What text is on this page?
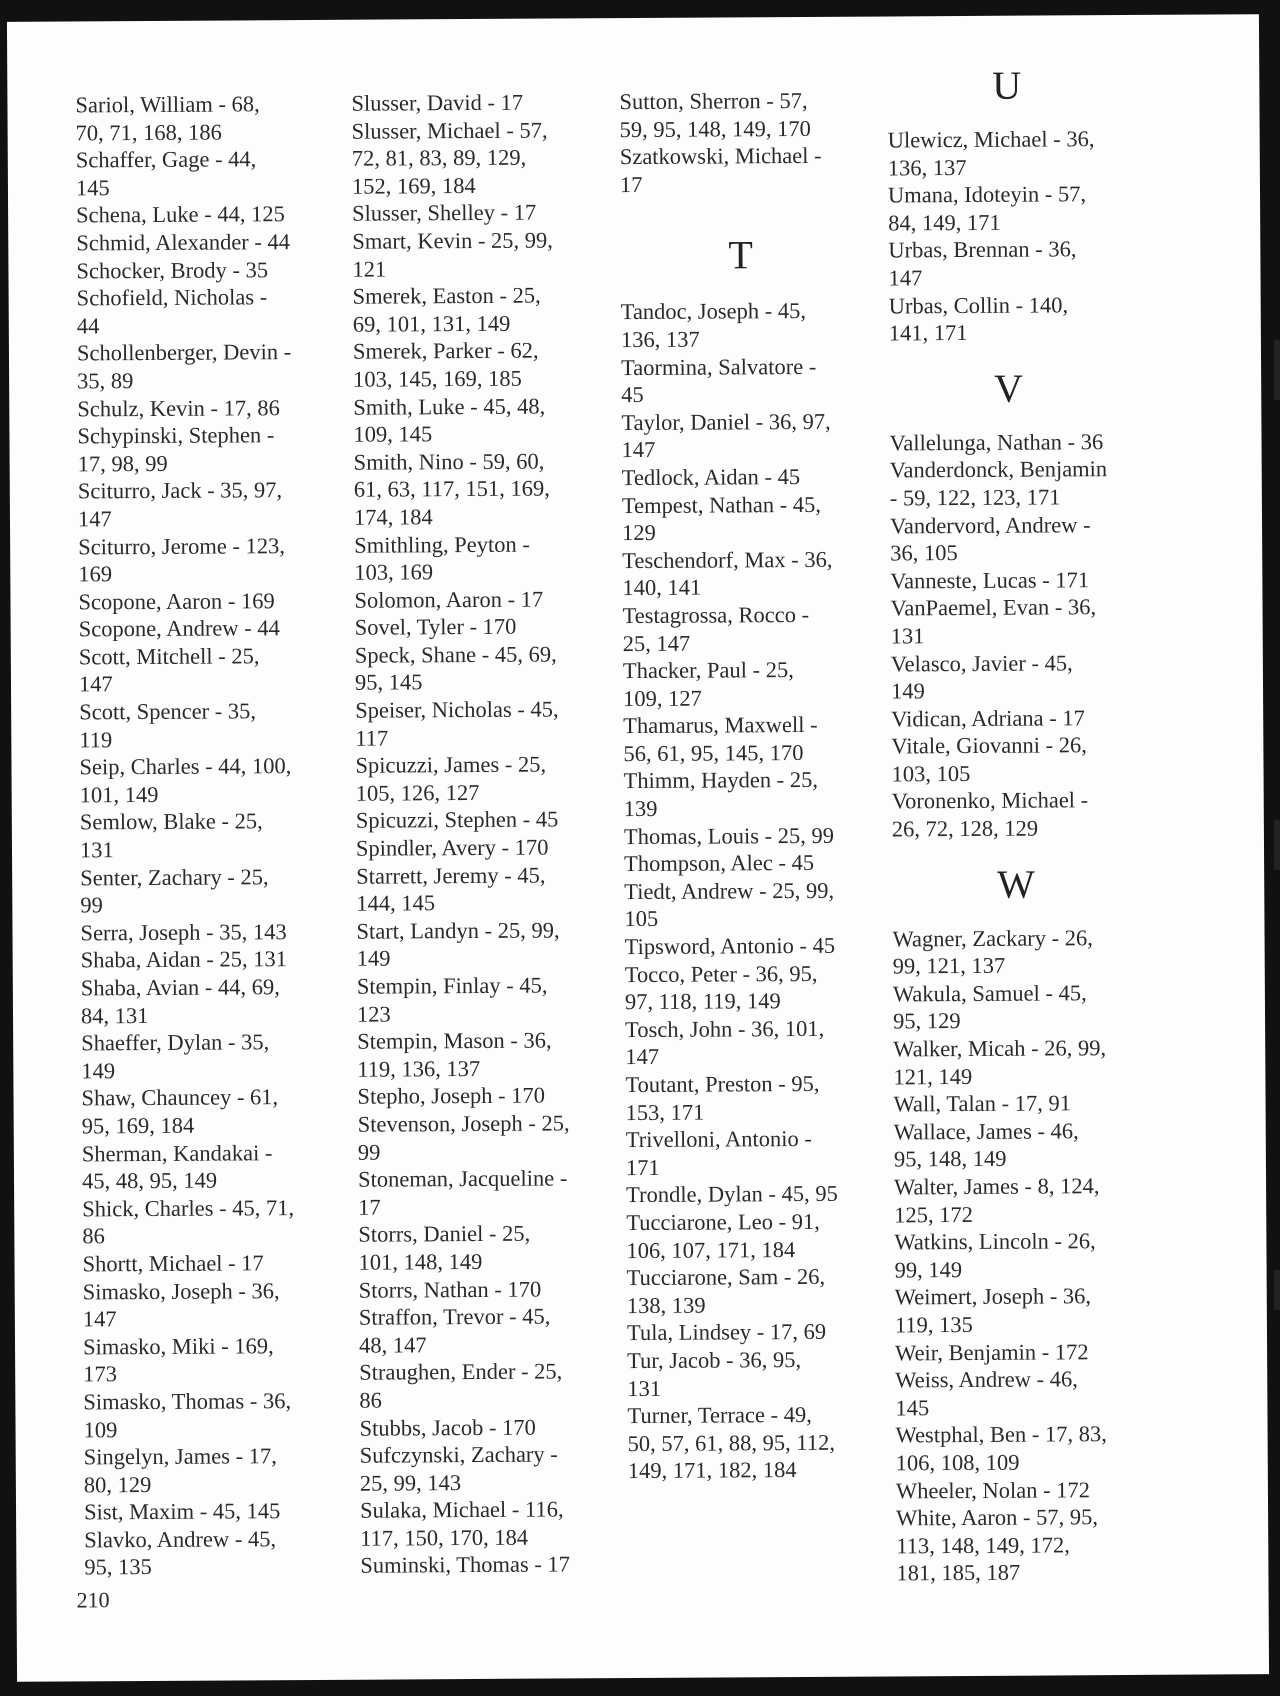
Sariol, William - 68,
70, 71, 168, 186
Schaffer, Gage - 44,
145
Schena, Luke - 44, 125
Schmid, Alexander - 44
Schocker, Brody - 35
Schofield, Nicholas -
44
Schollenberger, Devin -
35, 89
Schulz, Kevin - 17, 86
Schypinski, Stephen -
17, 98, 99
Sciturro, Jack - 35, 97,
147
Sciturro, Jerome - 123,
169
Scopone, Aaron - 169
Scopone, Andrew - 44
Scott, Mitchell - 25,
147
Scott, Spencer - 35,
119
Seip, Charles - 44, 100,
101, 149
Semlow, Blake - 25,
131
Senter, Zachary - 25,
99
Serra, Joseph - 35, 143
Shaba, Aidan - 25, 131
Shaba, Avian - 44, 69,
84, 131
Shaeffer, Dylan - 35,
149
Shaw, Chauncey - 61,
95, 169, 184
Sherman, Kandakai -
45, 48, 95, 149
Shick, Charles - 45, 71,
86
Shortt, Michael - 17
Simasko, Joseph - 36,
147
Simasko, Miki - 169,
173
Simasko, Thomas - 36,
109
Singelyn, James - 17,
80, 129
Sist, Maxim - 45, 145
Slavko, Andrew - 45,
95, 135
Slusser, David - 17
Slusser, Michael - 57,
72, 81, 83, 89, 129,
152, 169, 184
Slusser, Shelley - 17
Smart, Kevin - 25, 99,
121
Smerek, Easton - 25,
69, 101, 131, 149
Smerek, Parker - 62,
103, 145, 169, 185
Smith, Luke - 45, 48,
109, 145
Smith, Nino - 59, 60,
61, 63, 117, 151, 169,
174, 184
Smithling, Peyton -
103, 169
Solomon, Aaron - 17
Sovel, Tyler - 170
Speck, Shane - 45, 69,
95, 145
Speiser, Nicholas - 45,
117
Spicuzzi, James - 25,
105, 126, 127
Spicuzzi, Stephen - 45
Spindler, Avery - 170
Starrett, Jeremy - 45,
144, 145
Start, Landyn - 25, 99,
149
Stempin, Finlay - 45,
123
Stempin, Mason - 36,
119, 136, 137
Stepho, Joseph - 170
Stevenson, Joseph - 25,
99
Stoneman, Jacqueline -
17
Storrs, Daniel - 25,
101, 148, 149
Storrs, Nathan - 170
Straffon, Trevor - 45,
48, 147
Straughen, Ender - 25,
86
Stubbs, Jacob - 170
Sufczynski, Zachary -
25, 99, 143
Sulaka, Michael - 116,
117, 150, 170, 184
Suminski, Thomas - 17
Sutton, Sherron - 57,
59, 95, 148, 149, 170
Szatkowski, Michael -
17
T
Tandoc, Joseph - 45,
136, 137
Taormina, Salvatore -
45
Taylor, Daniel - 36, 97,
147
Tedlock, Aidan - 45
Tempest, Nathan - 45,
129
Teschendorf, Max - 36,
140, 141
Testagrossa, Rocco -
25, 147
Thacker, Paul - 25,
109, 127
Thamarus, Maxwell -
56, 61, 95, 145, 170
Thimm, Hayden - 25,
139
Thomas, Louis - 25, 99
Thompson, Alec - 45
Tiedt, Andrew - 25, 99,
105
Tipsword, Antonio - 45
Tocco, Peter - 36, 95,
97, 118, 119, 149
Tosch, John - 36, 101,
147
Toutant, Preston - 95,
153, 171
Trivelloni, Antonio -
171
Trondle, Dylan - 45, 95
Tucciarone, Leo - 91,
106, 107, 171, 184
Tucciarone, Sam - 26,
138, 139
Tula, Lindsey - 17, 69
Tur, Jacob - 36, 95,
131
Turner, Terrace - 49,
50, 57, 61, 88, 95, 112,
149, 171, 182, 184
U
Ulewicz, Michael - 36,
136, 137
Umana, Idoteyin - 57,
84, 149, 171
Urbas, Brennan - 36,
147
Urbas, Collin - 140,
141, 171
V
Vallelunga, Nathan - 36
Vanderdonck, Benjamin
- 59, 122, 123, 171
Vandervord, Andrew -
36, 105
Vanneste, Lucas - 171
VanPaemel, Evan - 36,
131
Velasco, Javier - 45,
149
Vidican, Adriana - 17
Vitale, Giovanni - 26,
103, 105
Voronenko, Michael -
26, 72, 128, 129
W
Wagner, Zackary - 26,
99, 121, 137
Wakula, Samuel - 45,
95, 129
Walker, Micah - 26, 99,
121, 149
Wall, Talan - 17, 91
Wallace, James - 46,
95, 148, 149
Walter, James - 8, 124,
125, 172
Watkins, Lincoln - 26,
99, 149
Weimert, Joseph - 36,
119, 135
Weir, Benjamin - 172
Weiss, Andrew - 46,
145
Westphal, Ben - 17, 83,
106, 108, 109
Wheeler, Nolan - 172
White, Aaron - 57, 95,
113, 148, 149, 172,
181, 185, 187
210
